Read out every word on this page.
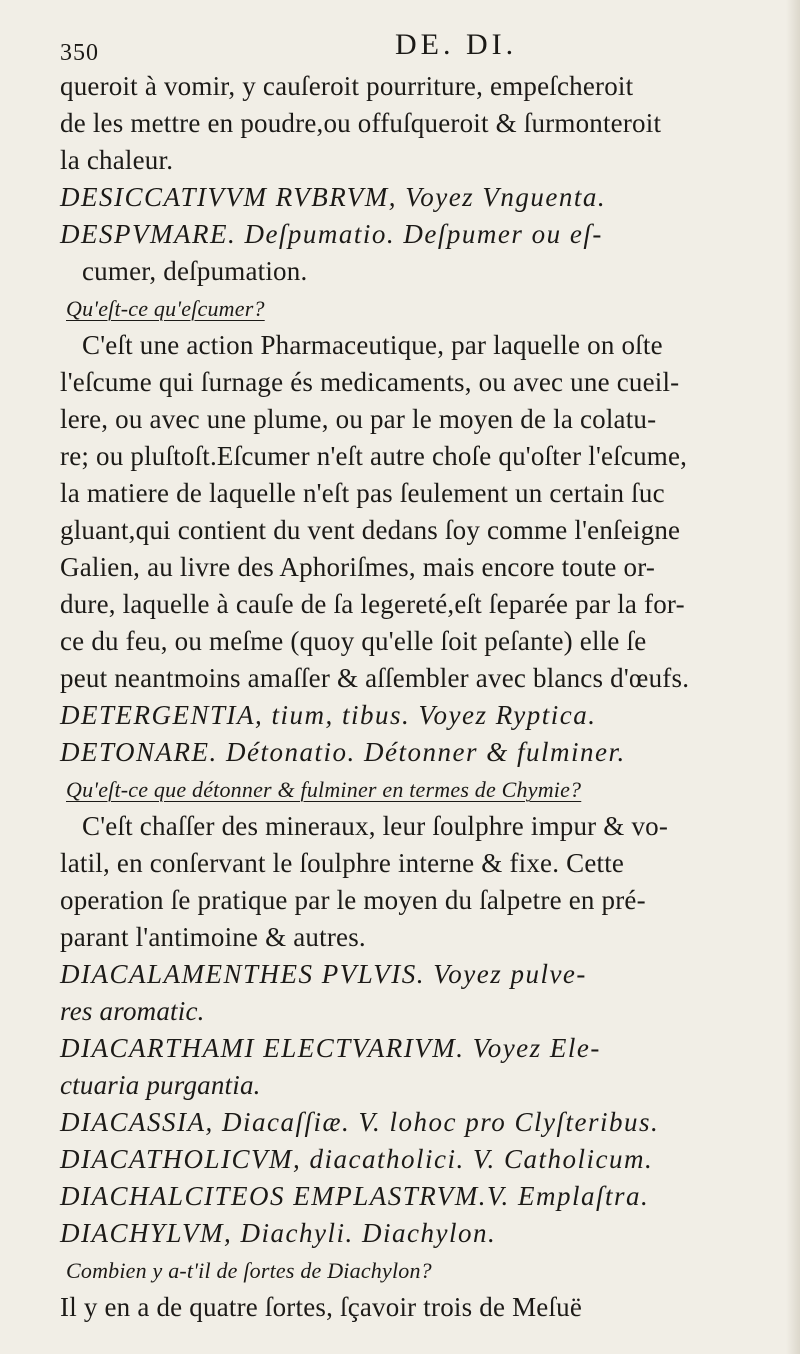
350	DE. DI.
queroit à vomir, y cauſeroit pourriture, empeſcheroit
de les mettre en poudre,ou offuſqueroit & ſurmonteroit
la chaleur.
DESICCATIVVM RVBRVM, Voyez Vnguenta.
DESPVMARE. Deſpumatio. Deſpumer ou eſ-
cumer, deſpumation.
Qu'eſt-ce qu'eſcumer?
C'eſt une action Pharmaceutique, par laquelle on oſte
l'eſcume qui ſurnage és medicaments, ou avec une cueil-
lere, ou avec une plume, ou par le moyen de la colatu-
re; ou pluſtoſt.Eſcumer n'eſt autre choſe qu'oſter l'eſcume,
la matiere de laquelle n'eſt pas ſeulement un certain ſuc
gluant,qui contient du vent dedans ſoy comme l'enſeigne
Galien, au livre des Aphoriſmes, mais encore toute or-
dure, laquelle à cauſe de ſa legereté,eſt ſeparée par la for-
ce du feu, ou meſme (quoy qu'elle ſoit peſante) elle ſe
peut neantmoins amaſſer & aſſembler avec blancs d'œufs.
DETERGENTIA, tium, tibus. Voyez Ryptica.
DETONARE. Détonatio. Détonner & fulminer.
Qu'eſt-ce que détonner & fulminer en termes de Chymie?
C'eſt chaſſer des mineraux, leur ſoulphre impur & vo-
latil, en conſervant le ſoulphre interne & fixe. Cette
operation ſe pratique par le moyen du ſalpetre en pré-
parant l'antimoine & autres.
DIACALAMENTHES PVLVIS. Voyez pulve-
res aromatic.
DIACARTHAMI ELECTVARIVM. Voyez Ele-
ctuaria purgantia.
DIACASSIA, Diacaſſiæ. V. lohoc pro Clyſteribus.
DIACATHOLICVM, diacatholici. V. Catholicum.
DIACHALCITEOS EMPLASTRVM.V. Emplaſtra.
DIACHYLVM, Diachyli. Diachylon.
Combien y a-t'il de ſortes de Diachylon?
Il y en a de quatre ſortes, ſçavoir trois de Meſuë
